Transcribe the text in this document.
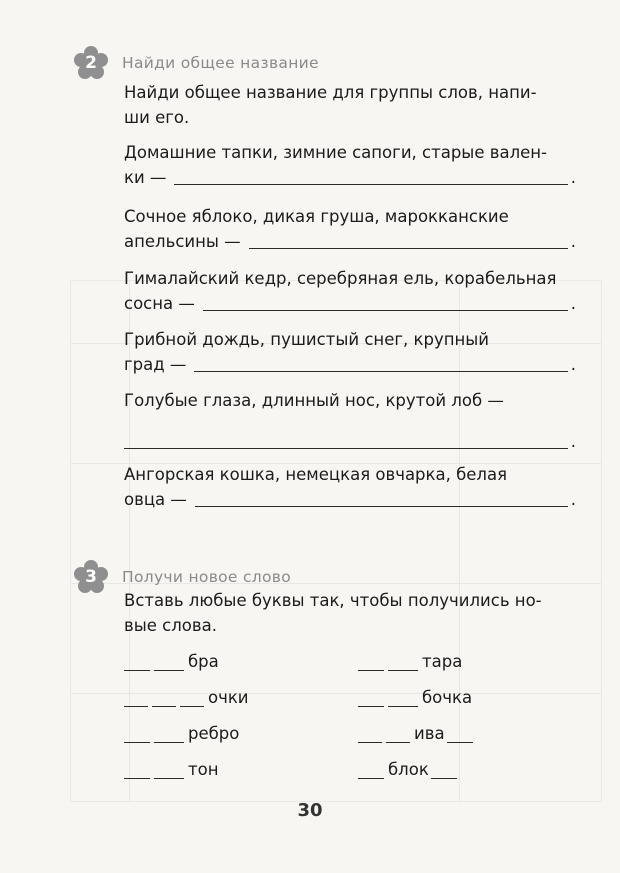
2	Найди общее название
Найди общее название для группы слов, напи-
ши его.
Домашние тапки, зимние сапоги, старые вален-
ки —	.
Сочное яблоко, дикая груша, марокканские
апельсины —	.
Гималайский кедр, серебряная ель, корабельная
сосна —	.
Грибной дождь, пушистый снег, крупный
град —	.
Голубые глаза, длинный нос, крутой лоб —
.
Ангорская кошка, немецкая овчарка, белая
овца —	.
3	Получи новое слово
Вставь любые буквы так, чтобы получились но-
вые слова.
бра	тара
очки	бочка
ребро	ива
тон	блок
30
